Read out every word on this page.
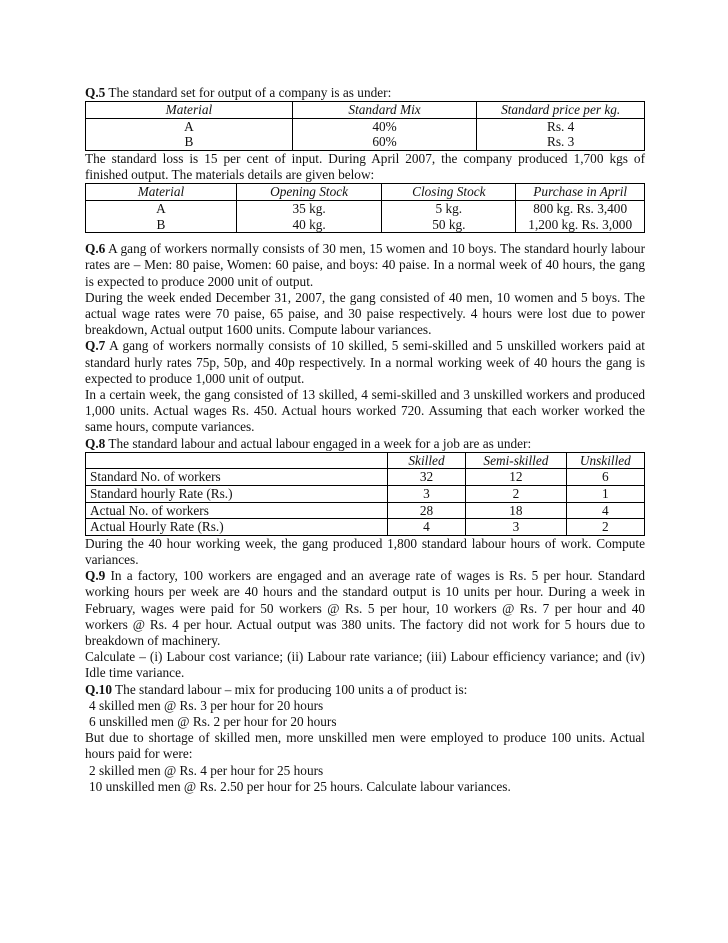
Q.5 The standard set for output of a company is as under:

Material	Standard Mix	Standard price per kg.
A	40%	Rs. 4
B	60%	Rs. 3

The standard loss is 15 per cent of input. During April 2007, the company produced 1,700 kgs of finished output. The materials details are given below:

Material	Opening Stock	Closing Stock	Purchase in April
A	35 kg.	5 kg.	800 kg. Rs. 3,400
B	40 kg.	50 kg.	1,200 kg. Rs. 3,000

Q.6 A gang of workers normally consists of 30 men, 15 women and 10 boys. The standard hourly labour rates are – Men: 80 paise, Women: 60 paise, and boys: 40 paise. In a normal week of 40 hours, the gang is expected to produce 2000 unit of output.

During the week ended December 31, 2007, the gang consisted of 40 men, 10 women and 5 boys. The actual wage rates were 70 paise, 65 paise, and 30 paise respectively. 4 hours were lost due to power breakdown, Actual output 1600 units. Compute labour variances.

Q.7 A gang of workers normally consists of 10 skilled, 5 semi-skilled and 5 unskilled workers paid at standard hurly rates 75p, 50p, and 40p respectively. In a normal working week of 40 hours the gang is expected to produce 1,000 unit of output.

In a certain week, the gang consisted of 13 skilled, 4 semi-skilled and 3 unskilled workers and produced 1,000 units. Actual wages Rs. 450. Actual hours worked 720. Assuming that each worker worked the same hours, compute variances.

Q.8 The standard labour and actual labour engaged in a week for a job are as under:

	Skilled	Semi-skilled	Unskilled
Standard No. of workers	32	12	6
Standard hourly Rate (Rs.)	3	2	1
Actual No. of workers	28	18	4
Actual Hourly Rate (Rs.)	4	3	2

During the 40 hour working week, the gang produced 1,800 standard labour hours of work. Compute variances.

Q.9 In a factory, 100 workers are engaged and an average rate of wages is Rs. 5 per hour. Standard working hours per week are 40 hours and the standard output is 10 units per hour. During a week in February, wages were paid for 50 workers @ Rs. 5 per hour, 10 workers @ Rs. 7 per hour and 40 workers @ Rs. 4 per hour. Actual output was 380 units. The factory did not work for 5 hours due to breakdown of machinery.

Calculate – (i) Labour cost variance; (ii) Labour rate variance; (iii) Labour efficiency variance; and (iv) Idle time variance.

Q.10 The standard labour – mix for producing 100 units a of product is:

4 skilled men @ Rs. 3 per hour for 20 hours

6 unskilled men @ Rs. 2 per hour for 20 hours

But due to shortage of skilled men, more unskilled men were employed to produce 100 units. Actual hours paid for were:

2 skilled men @ Rs. 4 per hour for 25 hours

10 unskilled men @ Rs. 2.50 per hour for 25 hours. Calculate labour variances.
